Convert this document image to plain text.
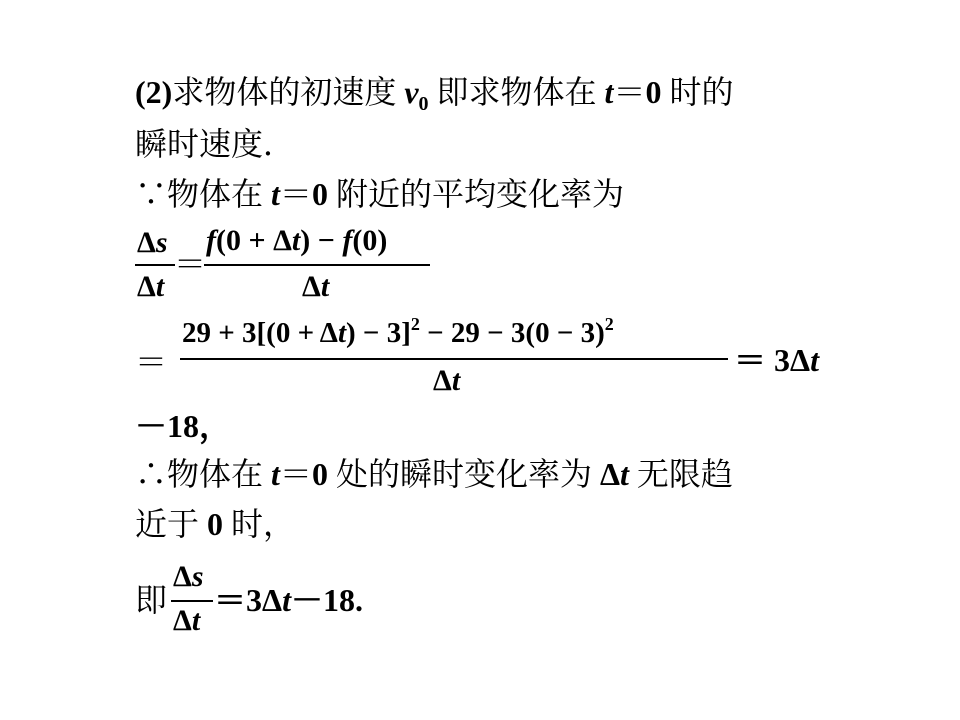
(2)求物体的初速度 $v_0$ 即求物体在 t＝0 时的
瞬时速度．
∵物体在 t＝0 附近的平均变化率为
Δs
Δt
＝
f(0 + Δt) − f(0)
Δt
＝
$29 + 3[(0 + \Delta t) - 3]^2 - 29 - 3(0 - 3)^2$
Δt
＝ 3Δt
－18，
∴物体在 t＝0 处的瞬时变化率为 Δt 无限趋
近于 0 时，
即
Δs
Δt
＝3Δt－18.
